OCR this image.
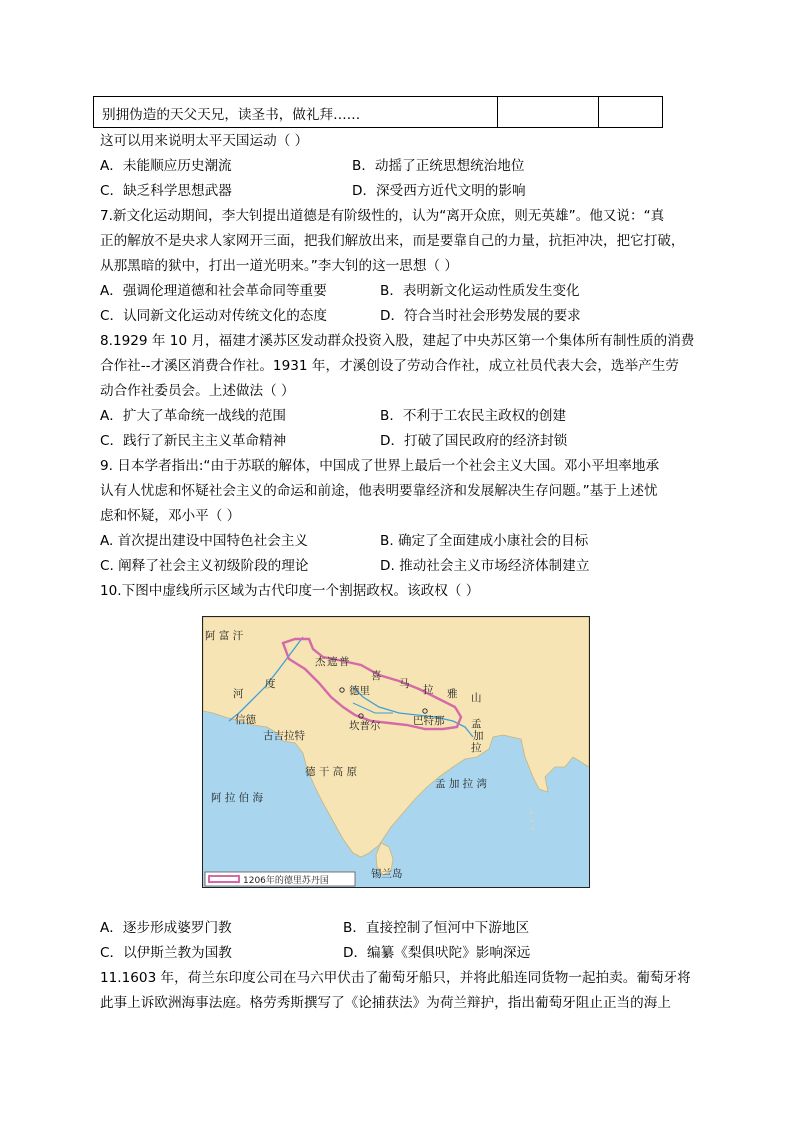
别拥伪造的天父天兄，读圣书，做礼拜……
这可以用来说明太平天国运动（ ）
A．未能顺应历史潮流	B．动摇了正统思想统治地位
C．缺乏科学思想武器	D．深受西方近代文明的影响
7.新文化运动期间，李大钊提出道德是有阶级性的，认为“离开众庶，则无英雄”。他又说：“真
正的解放不是央求人家网开三面，把我们解放出来，而是要靠自己的力量，抗拒冲决，把它打破，
从那黑暗的狱中，打出一道光明来。”李大钊的这一思想（ ）
A．强调伦理道德和社会革命同等重要	B．表明新文化运动性质发生变化
C．认同新文化运动对传统文化的态度	D．符合当时社会形势发展的要求
8.1929 年 10 月，福建才溪苏区发动群众投资入股，建起了中央苏区第一个集体所有制性质的消费
合作社--才溪区消费合作社。1931 年，才溪创设了劳动合作社，成立社员代表大会，选举产生劳
动合作社委员会。上述做法（ ）
A．扩大了革命统一战线的范围	B．不利于工农民主政权的创建
C．践行了新民主主义革命精神	D．打破了国民政府的经济封锁
9. 日本学者指出:“由于苏联的解体，中国成了世界上最后一个社会主义大国。邓小平坦率地承
认有人忧虑和怀疑社会主义的命运和前途，他表明要靠经济和发展解决生存问题。”基于上述忧
虑和怀疑，邓小平（ ）
A. 首次提出建设中国特色社会主义	B. 确定了全面建成小康社会的目标
C. 阐释了社会主义初级阶段的理论	D. 推动社会主义市场经济体制建立
10.下图中虚线所示区域为古代印度一个割据政权。该政权（ ）
阿 富 汗
杰 遮 普
喜
马 拉 雅 山
河
度
德里
巴特那
坎普尔
信德
古吉拉特
孟
加
拉
德 干 高 原
阿 拉 伯 海
孟 加 拉 湾
锡兰岛
1206年的德里苏丹国
A．逐步形成婆罗门教	B．直接控制了恒河中下游地区
C．以伊斯兰教为国教	D．编纂《梨俱吠陀》影响深远
11.1603 年，荷兰东印度公司在马六甲伏击了葡萄牙船只，并将此船连同货物一起拍卖。葡萄牙将
此事上诉欧洲海事法庭。格劳秀斯撰写了《论捕获法》为荷兰辩护，指出葡萄牙阻止正当的海上
